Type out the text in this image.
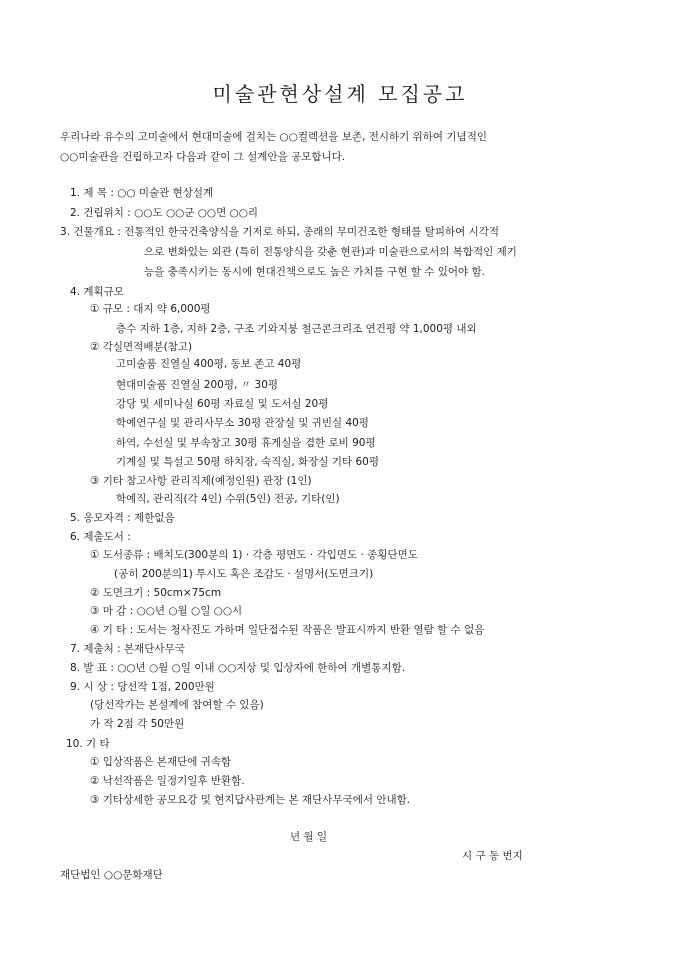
미술관현상설계 모집공고
우리나라 유수의 고미술에서 현대미술에 걸치는 ○○컬렉션을 보존, 전시하기 위하여 기념적인
○○미술관을 건립하고자 다음과 같이 그 설계안을 공모합니다.
1. 제 목 : ○○ 미술관 현상설계
2. 건립위치 : ○○도 ○○군 ○○면 ○○리
3. 건물개요 : 전통적인 한국건축양식을 기저로 하되, 종래의 무미건조한 형태를 탈피하여 시각적
으로 변화있는 외관 (특히 전통양식을 갖춘 현관)과 미술관으로서의 복합적인 제기
능을 충족시키는 동시에 현대건책으로도 높은 가치를 구현 할 수 있어야 함.
4. 계획규모
① 규모 : 대지 약 6,000평
층수 지하 1층, 지하 2층, 구조 기와지붕 철근콘크리조 연건평 약 1,000평 내외
② 각실면적배분(참고)
고미술품 진열실 400평, 동보 존고 40평
현대미술품 진열실 200평, 〃 30평
강당 및 세미나실 60평 자료실 및 도서실 20평
학예연구실 및 관리사무소 30평 관장실 및 귀빈실 40평
하역, 수선실 및 부속창고 30평 휴게실을 겸한 로비 90평
기계실 및 특설고 50평 하치장, 숙직실, 화장실 기타 60평
③ 기타 참고사항 관리직제(예정인원) 관장 (1인)
학예직, 관리직(각 4인) 수위(5인) 전공, 기타(인)
5. 응모자격 : 제한없음
6. 제출도서 :
① 도서종류 : 배치도(300분의 1) · 각층 평면도 · 각입면도 · 종횡단면도
(공히 200분의1) 투시도 혹은 조감도 · 설명서(도면크기)
② 도면크기 : 50cm×75cm
③ 마 감 : ○○년 ○월 ○일 ○○시
④ 기 타 : 도서는 청사진도 가하며 일단접수된 작품은 발표시까지 반환 열람 할 수 없음
7. 제출처 : 본재단사무국
8. 발 표 : ○○년 ○월 ○일 이내 ○○지상 및 입상자에 한하여 개별통지함.
9. 시 상 : 당선작 1점, 200만원
(당선작가는 본설계에 참여할 수 있음)
가 작 2점 각 50만원
10. 기 타
① 입상작품은 본재단에 귀속함
② 낙선작품은 일정기일후 반환함.
③ 기타상세한 공모요강 및 현지답사관계는 본 재단사무국에서 안내함.
년 월 일
시 구 동 번지
재단법인 ○○문화재단
